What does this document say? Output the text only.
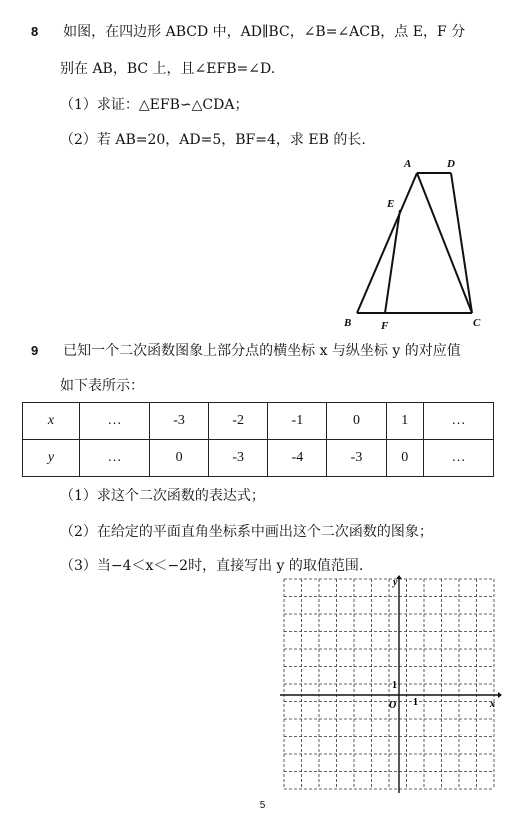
8 如图，在四边形 ABCD 中，AD∥BC，∠B=∠ACB，点 E，F 分
别在 AB，BC 上，且∠EFB=∠D.
（1）求证：△EFB∽△CDA；
（2）若 AB=20，AD=5，BF=4，求 EB 的长.
A	D
E
B	F	C
9 已知一个二次函数图象上部分点的横坐标 x 与纵坐标 y 的对应值
如下表所示：
x	…	-3	-2	-1	0	1	…
y	…	0	-3	-4	-3	0	…
（1）求这个二次函数的表达式；
（2）在给定的平面直角坐标系中画出这个二次函数的图象；
（3）当−4＜x＜−2时，直接写出 y 的取值范围.
y
x
O 1
1
5
